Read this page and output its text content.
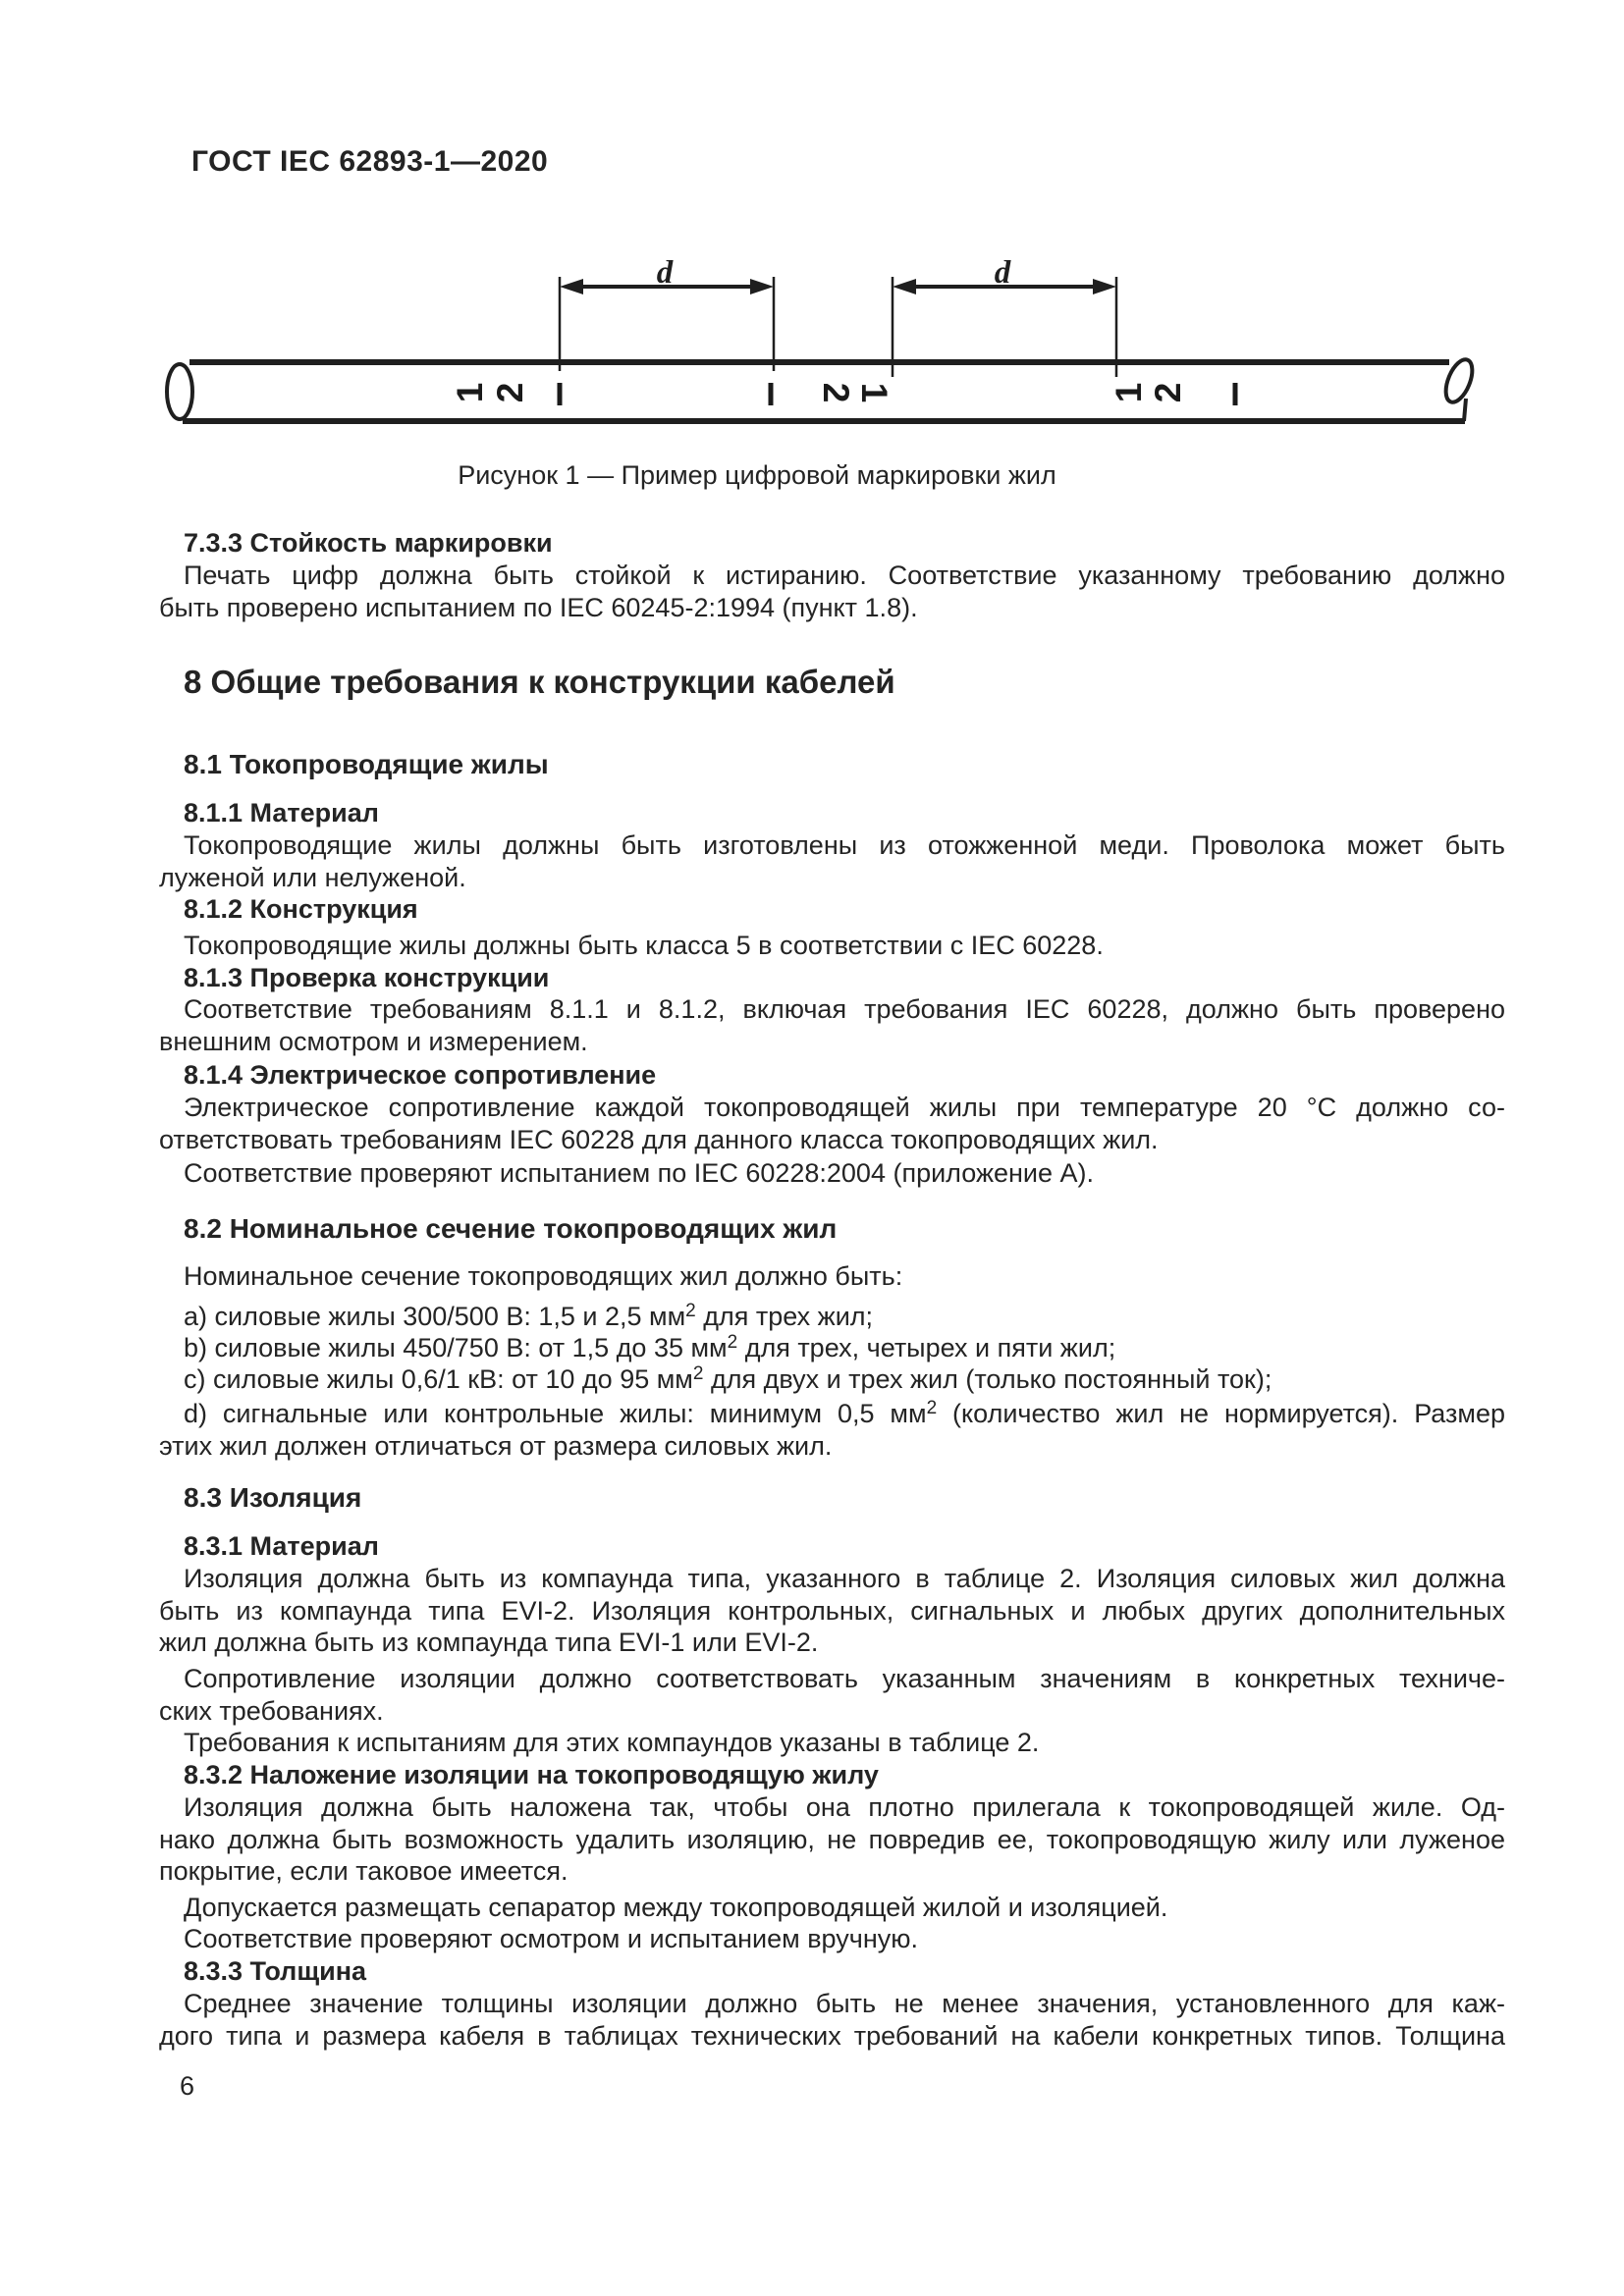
ГОСТ IEC 62893-1—2020
d	d
1 2	2
1	1 2
Рисунок 1 — Пример цифровой маркировки жил
7.3.3 Стойкость маркировки
Печать цифр должна быть стойкой к истиранию. Соответствие указанному требованию должно
быть проверено испытанием по IEC 60245-2:1994 (пункт 1.8).
8 Общие требования к конструкции кабелей
8.1 Токопроводящие жилы
8.1.1 Материал
Токопроводящие жилы должны быть изготовлены из отожженной меди. Проволока может быть
луженой или нелуженой.
8.1.2 Конструкция
Токопроводящие жилы должны быть класса 5 в соответствии с IEC 60228.
8.1.3 Проверка конструкции
Соответствие требованиям 8.1.1 и 8.1.2, включая требования IEC 60228, должно быть проверено
внешним осмотром и измерением.
8.1.4 Электрическое сопротивление
Электрическое сопротивление каждой токопроводящей жилы при температуре 20 °С должно со-
ответствовать требованиям IEC 60228 для данного класса токопроводящих жил.
Соответствие проверяют испытанием по IEC 60228:2004 (приложение А).
8.2 Номинальное сечение токопроводящих жил
Номинальное сечение токопроводящих жил должно быть:
a) силовые жилы 300/500 В: 1,5 и 2,5 $мм^2$ для трех жил;
b) силовые жилы 450/750 В: от 1,5 до 35 $мм^2$ для трех, четырех и пяти жил;
c) силовые жилы 0,6/1 кВ: от 10 до 95 $мм^2$ для двух и трех жил (только постоянный ток);
d) сигнальные или контрольные жилы: минимум 0,5 $мм^2$ (количество жил не нормируется). Размер
этих жил должен отличаться от размера силовых жил.
8.3 Изоляция
8.3.1 Материал
Изоляция должна быть из компаунда типа, указанного в таблице 2. Изоляция силовых жил должна
быть из компаунда типа EVI-2. Изоляция контрольных, сигнальных и любых других дополнительных
жил должна быть из компаунда типа EVI-1 или EVI-2.
Сопротивление изоляции должно соответствовать указанным значениям в конкретных техниче-
ских требованиях.
Требования к испытаниям для этих компаундов указаны в таблице 2.
8.3.2 Наложение изоляции на токопроводящую жилу
Изоляция должна быть наложена так, чтобы она плотно прилегала к токопроводящей жиле. Од-
нако должна быть возможность удалить изоляцию, не повредив ее, токопроводящую жилу или луженое
покрытие, если таковое имеется.
Допускается размещать сепаратор между токопроводящей жилой и изоляцией.
Соответствие проверяют осмотром и испытанием вручную.
8.3.3 Толщина
Среднее значение толщины изоляции должно быть не менее значения, установленного для каж-
дого типа и размера кабеля в таблицах технических требований на кабели конкретных типов. Толщина
6
